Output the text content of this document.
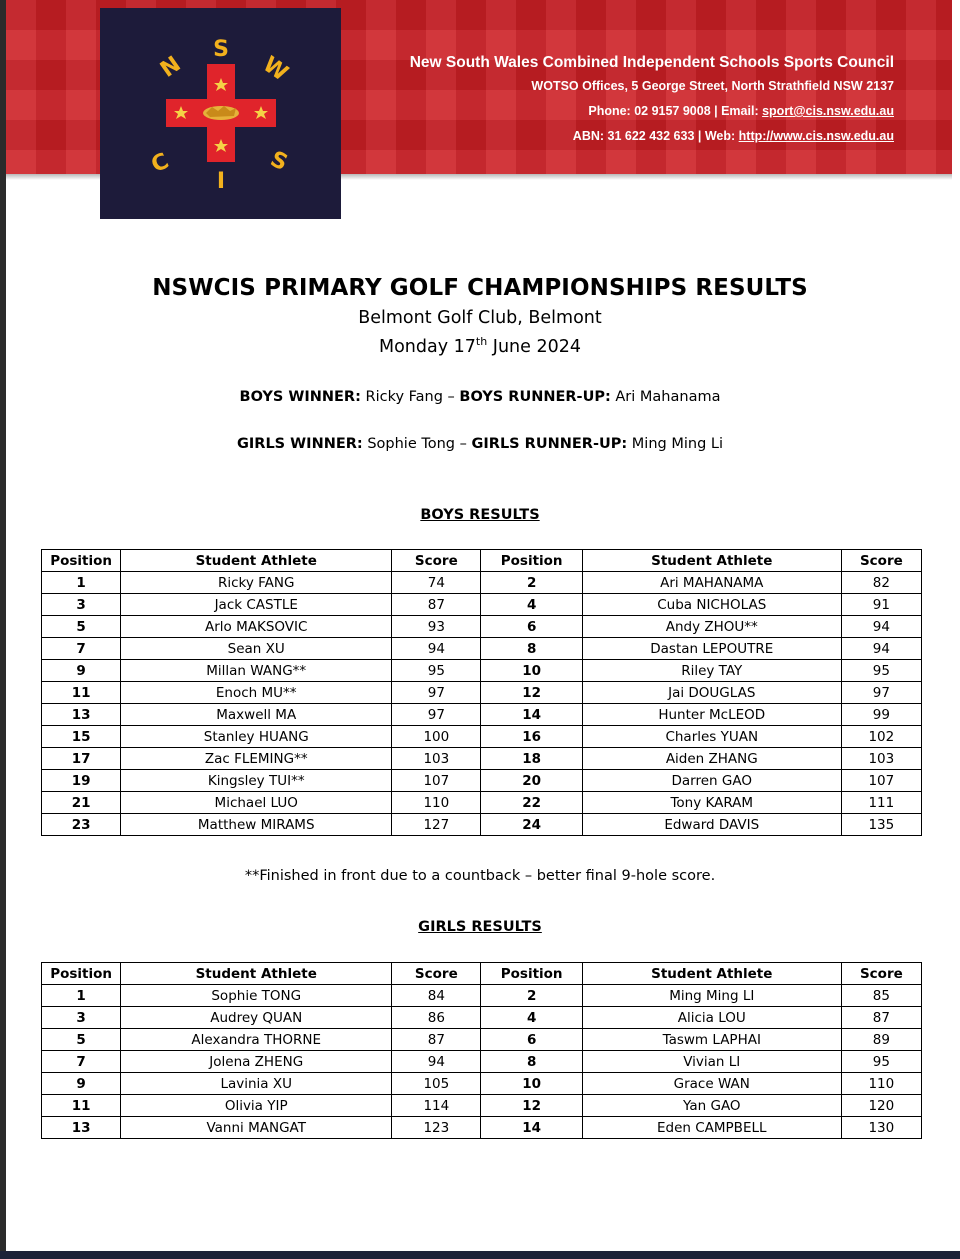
N
S
W
C
I
S
New South Wales Combined Independent Schools Sports Council
WOTSO Offices, 5 George Street, North Strathfield NSW 2137
Phone: 02 9157 9008 | Email: sport@cis.nsw.edu.au
ABN: 31 622 432 633 | Web: http://www.cis.nsw.edu.au
NSWCIS PRIMARY GOLF CHAMPIONSHIPS RESULTS
Belmont Golf Club, Belmont
Monday 17th June 2024
BOYS WINNER: Ricky Fang – BOYS RUNNER-UP: Ari Mahanama
GIRLS WINNER: Sophie Tong – GIRLS RUNNER-UP: Ming Ming Li
BOYS RESULTS
Position	Student Athlete	Score	Position	Student Athlete	Score
1	Ricky FANG	74	2	Ari MAHANAMA	82
3	Jack CASTLE	87	4	Cuba NICHOLAS	91
5	Arlo MAKSOVIC	93	6	Andy ZHOU**	94
7	Sean XU	94	8	Dastan LEPOUTRE	94
9	Millan WANG**	95	10	Riley TAY	95
11	Enoch MU**	97	12	Jai DOUGLAS	97
13	Maxwell MA	97	14	Hunter McLEOD	99
15	Stanley HUANG	100	16	Charles YUAN	102
17	Zac FLEMING**	103	18	Aiden ZHANG	103
19	Kingsley TUI**	107	20	Darren GAO	107
21	Michael LUO	110	22	Tony KARAM	111
23	Matthew MIRAMS	127	24	Edward DAVIS	135
**Finished in front due to a countback – better final 9-hole score.
GIRLS RESULTS
Position	Student Athlete	Score	Position	Student Athlete	Score
1	Sophie TONG	84	2	Ming Ming LI	85
3	Audrey QUAN	86	4	Alicia LOU	87
5	Alexandra THORNE	87	6	Taswm LAPHAI	89
7	Jolena ZHENG	94	8	Vivian LI	95
9	Lavinia XU	105	10	Grace WAN	110
11	Olivia YIP	114	12	Yan GAO	120
13	Vanni MANGAT	123	14	Eden CAMPBELL	130
